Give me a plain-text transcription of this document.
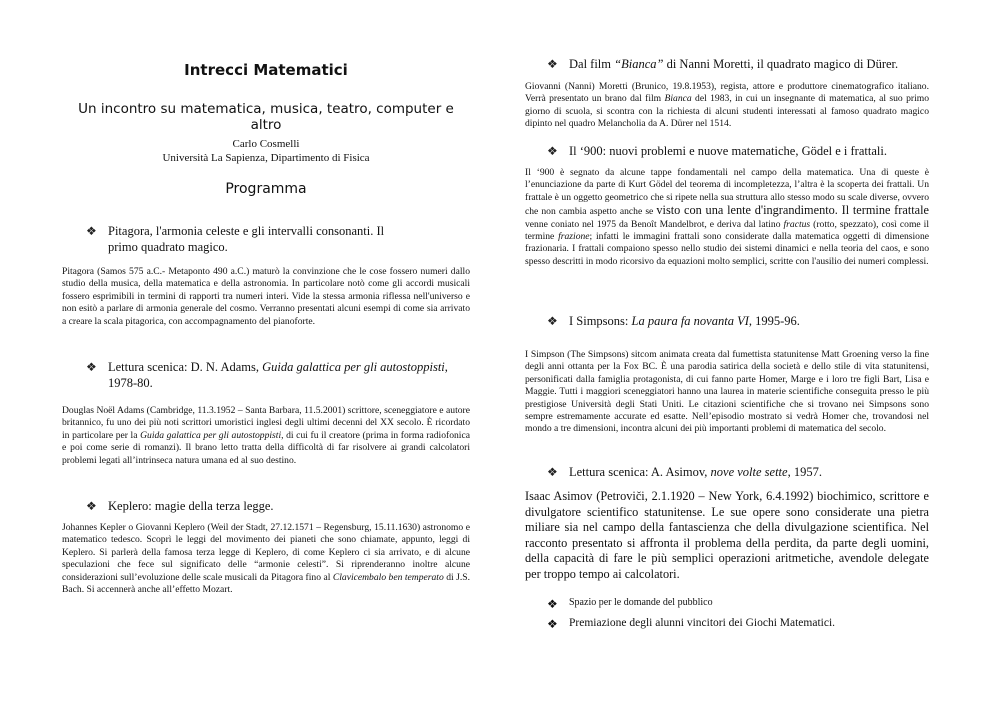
Intrecci Matematici
Un incontro su matematica, musica, teatro, computer e altro
Carlo Cosmelli
Università La Sapienza, Dipartimento di Fisica
Programma
❖ Pitagora, l'armonia celeste e gli intervalli consonanti. Il primo quadrato magico.
Pitagora (Samos 575 a.C.- Metaponto 490 a.C.) maturò la convinzione che le cose fossero numeri dallo studio della musica, della matematica e della astronomia. In particolare notò come gli accordi musicali fossero esprimibili in termini di rapporti tra numeri interi. Vide la stessa armonia riflessa nell'universo e non esitò a parlare di armonia generale del cosmo. Verranno presentati alcuni esempi di come sia arrivato a creare la scala pitagorica, con accompagnamento del pianoforte.
❖ Lettura scenica: D. N. Adams, Guida galattica per gli autostoppisti, 1978-80.
Douglas Noël Adams (Cambridge, 11.3.1952 – Santa Barbara, 11.5.2001) scrittore, sceneggiatore e autore britannico, fu uno dei più noti scrittori umoristici inglesi degli ultimi decenni del XX secolo. È ricordato in particolare per la Guida galattica per gli autostoppisti, di cui fu il creatore (prima in forma radiofonica e poi come serie di romanzi). Il brano letto tratta della difficoltà di far risolvere ai grandi calcolatori problemi legati all’intrinseca natura umana ed al suo destino.
❖ Keplero: magie della terza legge.
Johannes Kepler o Giovanni Keplero (Weil der Stadt, 27.12.1571 – Regensburg, 15.11.1630) astronomo e matematico tedesco. Scoprì le leggi del movimento dei pianeti che sono chiamate, appunto, leggi di Keplero. Si parlerà della famosa terza legge di Keplero, di come Keplero ci sia arrivato, e di alcune speculazioni che fece sul significato delle “armonie celesti”. Si riprenderanno inoltre alcune considerazioni sull’evoluzione delle scale musicali da Pitagora fino al Clavicembalo ben temperato di J.S. Bach. Si accennerà anche all’effetto Mozart.
❖ Dal film “Bianca” di Nanni Moretti, il quadrato magico di Dürer.
Giovanni (Nanni) Moretti (Brunico, 19.8.1953), regista, attore e produttore cinematografico italiano. Verrà presentato un brano dal film Bianca del 1983, in cui un insegnante di matematica, al suo primo giorno di scuola, si scontra con la richiesta di alcuni studenti interessati al famoso quadrato magico dipinto nel quadro Melancholia da A. Dürer nel 1514.
❖ Il ‘900: nuovi problemi e nuove matematiche, Gödel e i frattali.
Il ‘900 è segnato da alcune tappe fondamentali nel campo della matematica. Una di queste è l’enunciazione da parte di Kurt Gödel del teorema di incompletezza, l’altra è la scoperta dei frattali. Un frattale è un oggetto geometrico che si ripete nella sua struttura allo stesso modo su scale diverse, ovvero che non cambia aspetto anche se visto con una lente d'ingrandimento. Il termine frattale venne coniato nel 1975 da Benoît Mandelbrot, e deriva dal latino fractus (rotto, spezzato), così come il termine frazione; infatti le immagini frattali sono considerate dalla matematica oggetti di dimensione frazionaria. I frattali compaiono spesso nello studio dei sistemi dinamici e nella teoria del caos, e sono spesso descritti in modo ricorsivo da equazioni molto semplici, scritte con l'ausilio dei numeri complessi.
❖ I Simpsons: La paura fa novanta VI, 1995-96.
I Simpson (The Simpsons) sitcom animata creata dal fumettista statunitense Matt Groening verso la fine degli anni ottanta per la Fox BC. È una parodia satirica della società e dello stile di vita statunitensi, personificati dalla famiglia protagonista, di cui fanno parte Homer, Marge e i loro tre figli Bart, Lisa e Maggie. Tutti i maggiori sceneggiatori hanno una laurea in materie scientifiche conseguita presso le più prestigiose Università degli Stati Uniti. Le citazioni scientifiche che si trovano nei Simpsons sono sempre estremamente accurate ed esatte. Nell’episodio mostrato si vedrà Homer che, trovandosi nel mondo a tre dimensioni, incontra alcuni dei più importanti problemi di matematica del secolo.
❖ Lettura scenica: A. Asimov, nove volte sette, 1957.
Isaac Asimov (Petroviči, 2.1.1920 – New York, 6.4.1992) biochimico, scrittore e divulgatore scientifico statunitense. Le sue opere sono considerate una pietra miliare sia nel campo della fantascienza che della divulgazione scientifica. Nel racconto presentato si affronta il problema della perdita, da parte degli uomini, della capacità di fare le più semplici operazioni aritmetiche, avendole delegate per troppo tempo ai calcolatori.
❖	Spazio per le domande del pubblico
❖ Premiazione degli alunni vincitori dei Giochi Matematici.
